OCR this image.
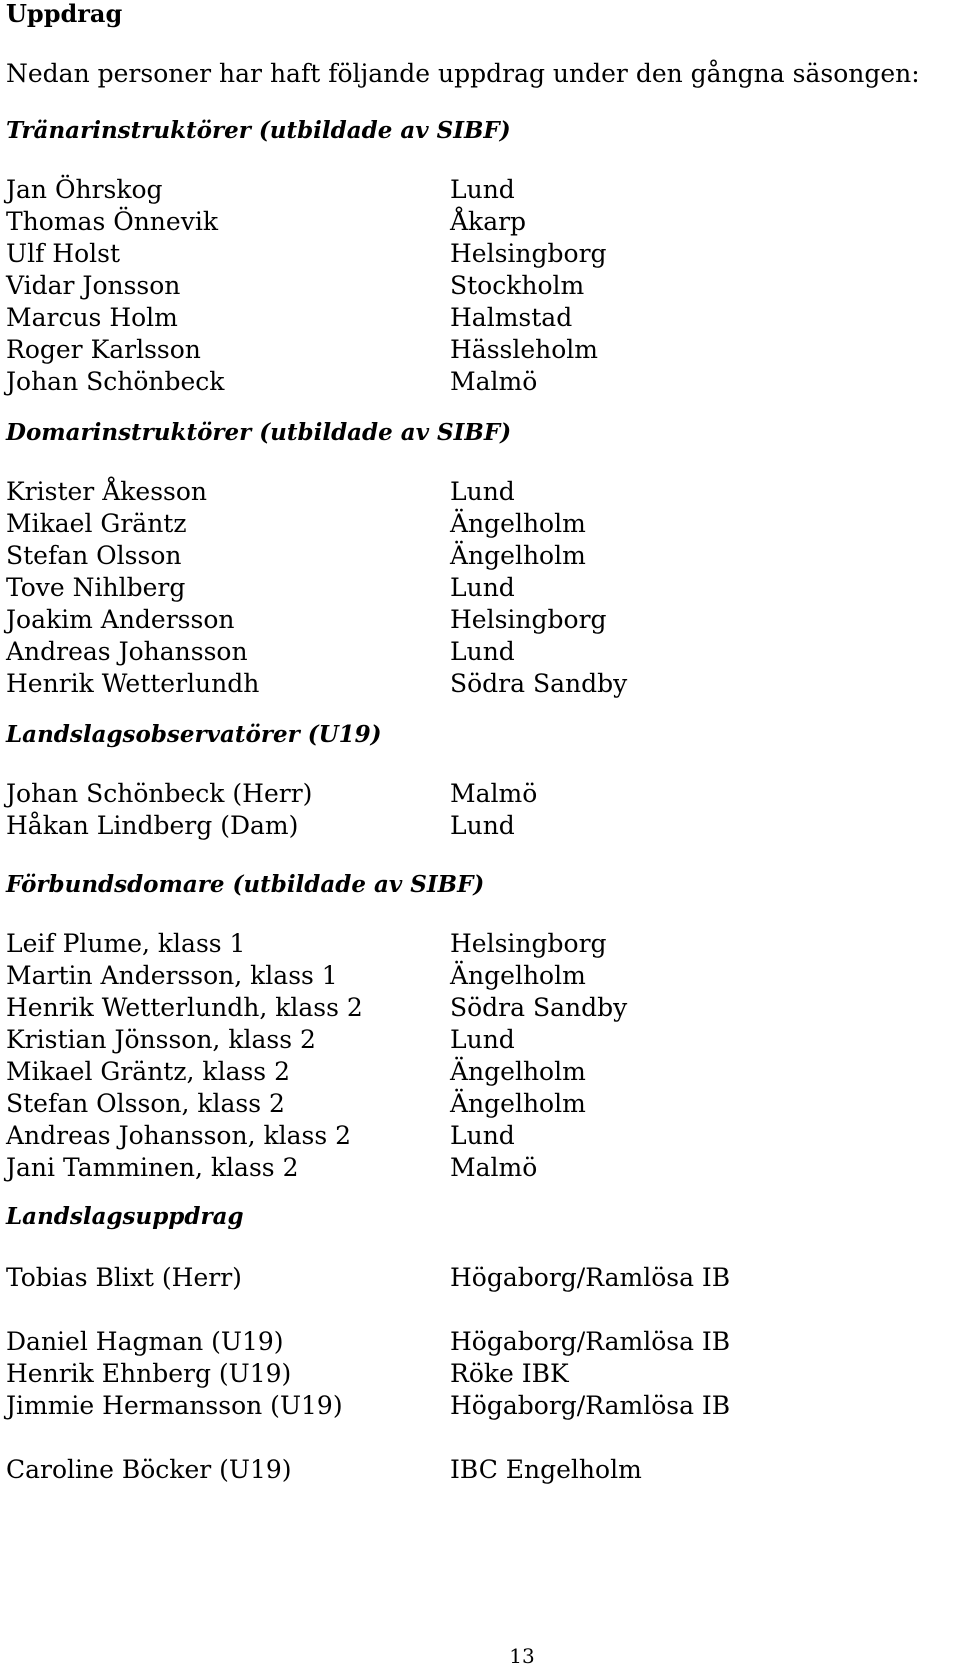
Uppdrag
Nedan personer har haft följande uppdrag under den gångna säsongen:
Tränarinstruktörer (utbildade av SIBF)
Jan Öhrskog	Lund
Thomas Önnevik	Åkarp
Ulf Holst	Helsingborg
Vidar Jonsson	Stockholm
Marcus Holm	Halmstad
Roger Karlsson	Hässleholm
Johan Schönbeck	Malmö
Domarinstruktörer (utbildade av SIBF)
Krister Åkesson	Lund
Mikael Gräntz	Ängelholm
Stefan Olsson	Ängelholm
Tove Nihlberg	Lund
Joakim Andersson	Helsingborg
Andreas Johansson	Lund
Henrik Wetterlundh	Södra Sandby
Landslagsobservatörer (U19)
Johan Schönbeck (Herr)	Malmö
Håkan Lindberg (Dam)	Lund
Förbundsdomare (utbildade av SIBF)
Leif Plume, klass 1	Helsingborg
Martin Andersson, klass 1	Ängelholm
Henrik Wetterlundh, klass 2	Södra Sandby
Kristian Jönsson, klass 2	Lund
Mikael Gräntz, klass 2	Ängelholm
Stefan Olsson, klass 2	Ängelholm
Andreas Johansson, klass 2	Lund
Jani Tamminen, klass 2	Malmö
Landslagsuppdrag
Tobias Blixt (Herr)	Högaborg/Ramlösa IB
Daniel Hagman (U19)	Högaborg/Ramlösa IB
Henrik Ehnberg (U19)	Röke IBK
Jimmie Hermansson (U19)	Högaborg/Ramlösa IB
Caroline Böcker (U19)	IBC Engelholm
13
